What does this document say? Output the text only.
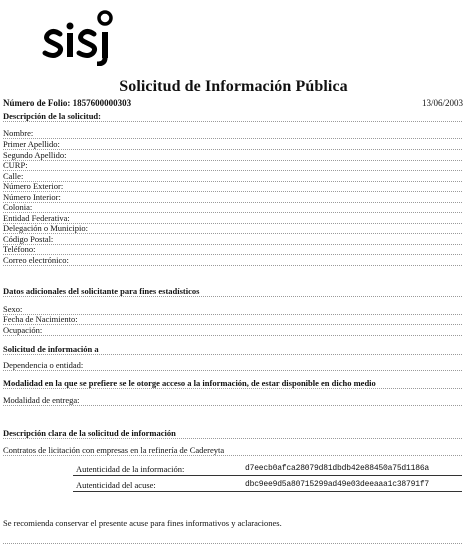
Solicitud de Información Pública
Número de Folio: 1857600000303	13/06/2003
Descripción de la solicitud:
Nombre:
Primer Apellido:
Segundo Apellido:
CURP:
Calle:
Número Exterior:
Número Interior:
Colonia:
Entidad Federativa:
Delegación o Municipio:
Código Postal:
Teléfono:
Correo electrónico:
Datos adicionales del solicitante para fines estadísticos
Sexo:
Fecha de Nacimiento:
Ocupación:
Solicitud de información a
Dependencia o entidad:
Modalidad en la que se prefiere se le otorge acceso a la información, de estar disponible en dicho medio
Modalidad de entrega:
Descripción clara de la solicitud de información
Contratos de licitación con empresas en la refinería de Cadereyta
Autenticidad de la información:	d7eecb0afca28079d81dbdb42e88450a75d1186a
Autenticidad del acuse:	dbc9ee9d5a80715299ad49e03deeaaa1c38791f7
Se recomienda conservar el presente acuse para fines informativos y aclaraciones.
